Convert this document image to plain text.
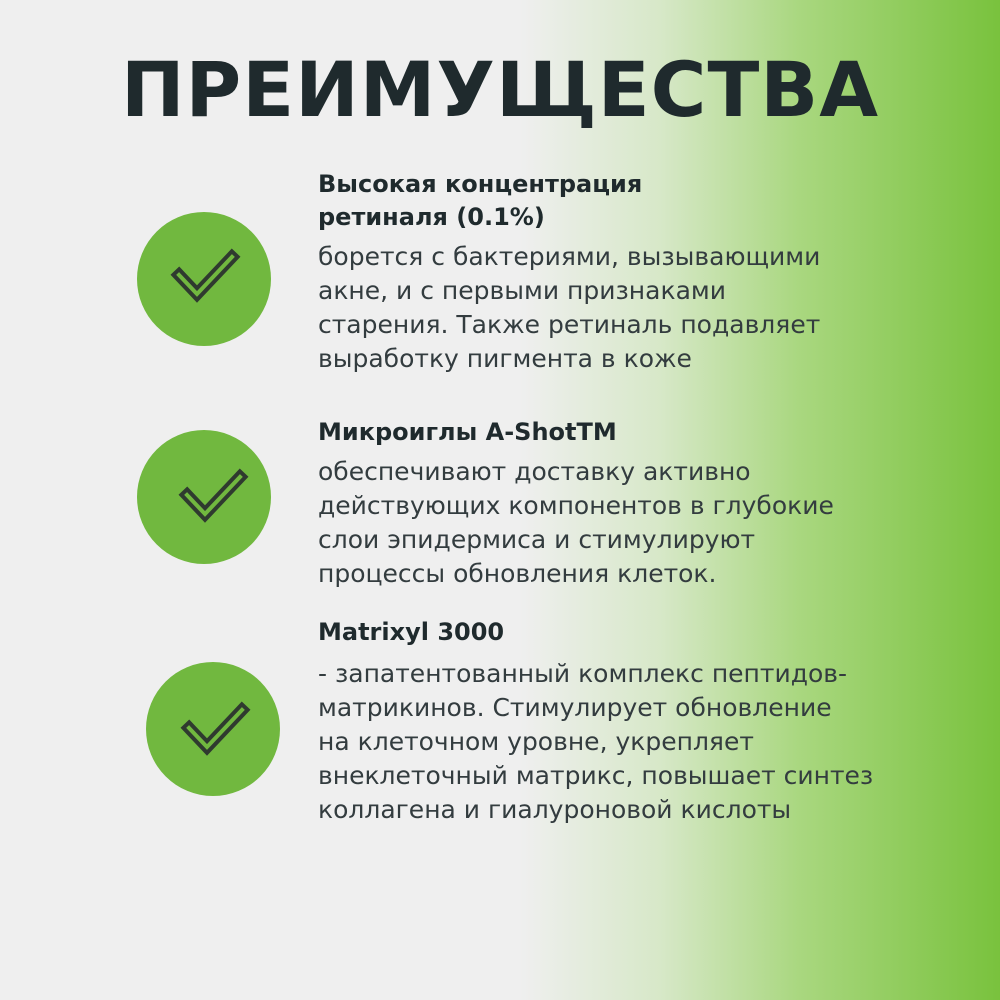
ПРЕИМУЩЕСТВА
Высокая концентрация
ретиналя (0.1%)
борется с бактериями, вызывающими
акне, и с первыми признаками
старения. Также ретиналь подавляет
выработку пигмента в коже
Микроиглы A-ShotTM
обеспечивают доставку активно
действующих компонентов в глубокие
слои эпидермиса и стимулируют
процессы обновления клеток.
Matrixyl 3000
- запатентованный комплекс пептидов-
матрикинов. Стимулирует обновление
на клеточном уровне, укрепляет
внеклеточный матрикс, повышает синтез
коллагена и гиалуроновой кислоты
